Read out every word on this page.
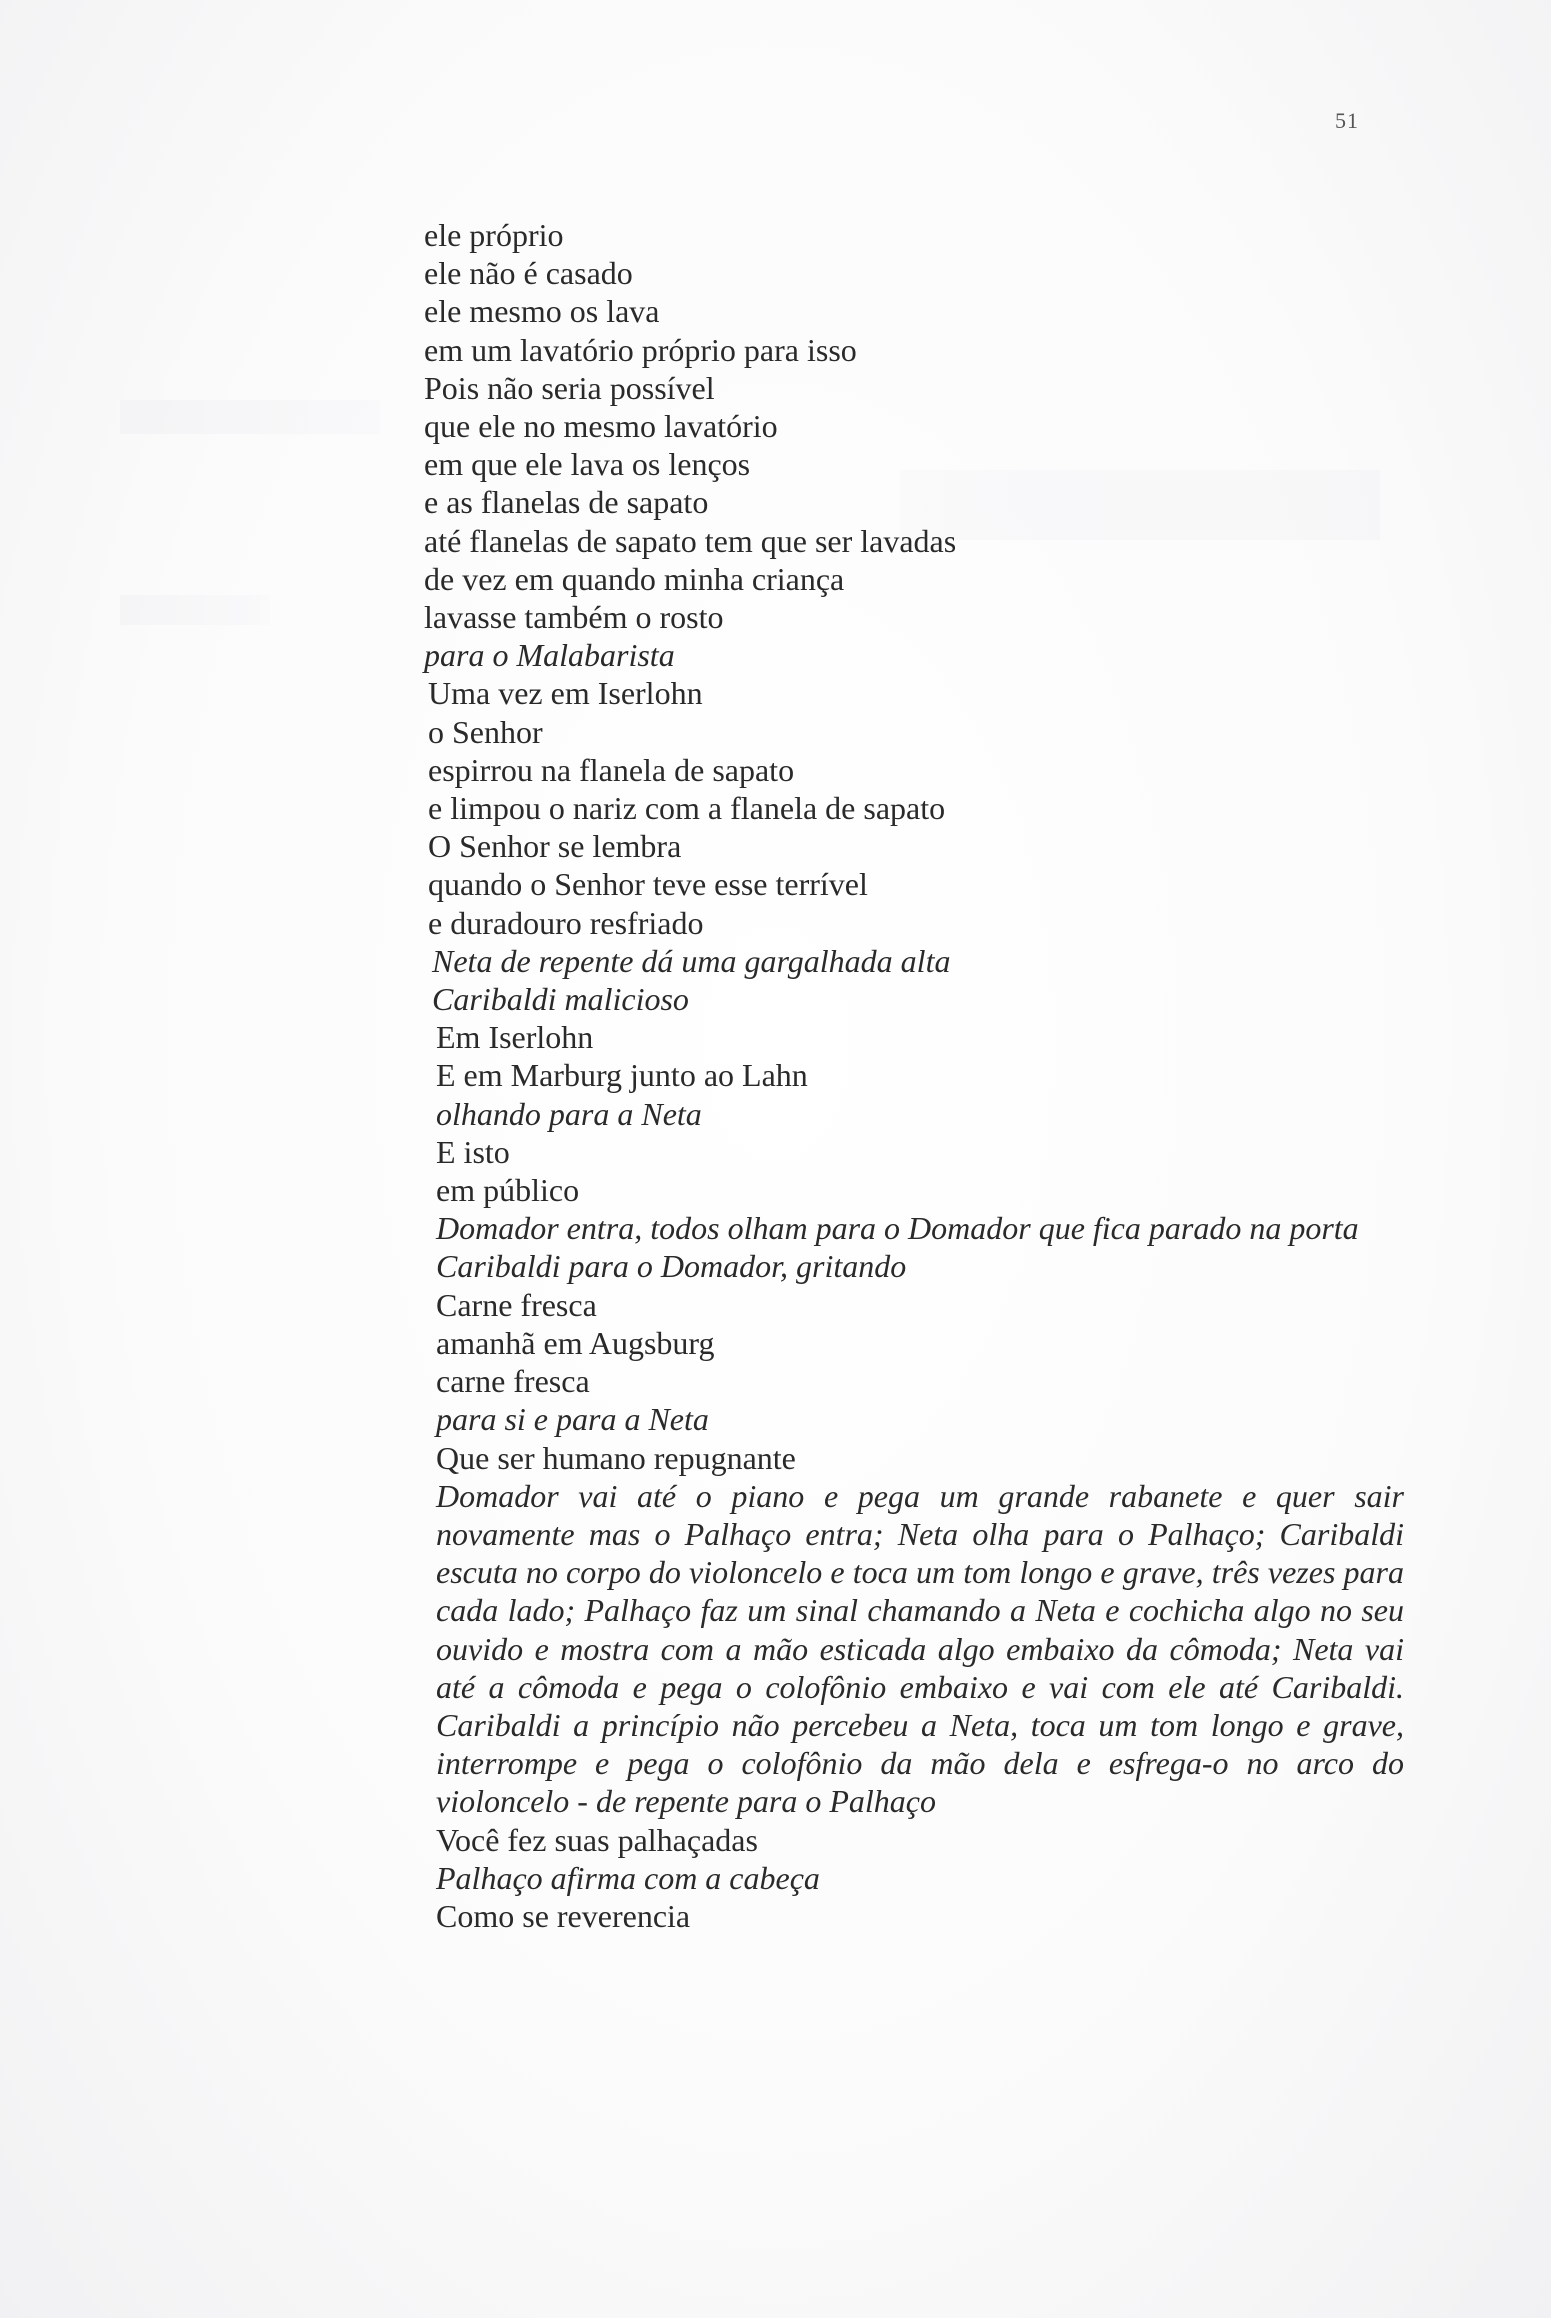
51
ele próprio
ele não é casado
ele mesmo os lava
em um lavatório próprio para isso
Pois não seria possível
que ele no mesmo lavatório
em que ele lava os lenços
e as flanelas de sapato
até flanelas de sapato tem que ser lavadas
de vez em quando minha criança
lavasse também o rosto
para o Malabarista
Uma vez em Iserlohn
o Senhor
espirrou na flanela de sapato
e limpou o nariz com a flanela de sapato
O Senhor se lembra
quando o Senhor teve esse terrível
e duradouro resfriado
Neta de repente dá uma gargalhada alta
Caribaldi malicioso
Em Iserlohn
E em Marburg junto ao Lahn
olhando para a Neta
E isto
em público
Domador entra, todos olham para o Domador que fica parado na porta
Caribaldi para o Domador, gritando
Carne fresca
amanhã em Augsburg
carne fresca
para si e para a Neta
Que ser humano repugnante
Domador vai até o piano e pega um grande rabanete e quer sair novamente mas o Palhaço entra; Neta olha para o Palhaço; Caribaldi escuta no corpo do violoncelo e toca um tom longo e grave, três vezes para cada lado; Palhaço faz um sinal chamando a Neta e cochicha algo no seu ouvido e mostra com a mão esticada algo embaixo da cômoda; Neta vai até a cômoda e pega o colofônio embaixo e vai com ele até Caribaldi. Caribaldi a princípio não percebeu a Neta, toca um tom longo e grave, interrompe e pega o colofônio da mão dela e esfrega-o no arco do violoncelo - de repente para o Palhaço
Você fez suas palhaçadas
Palhaço afirma com a cabeça
Como se reverencia
